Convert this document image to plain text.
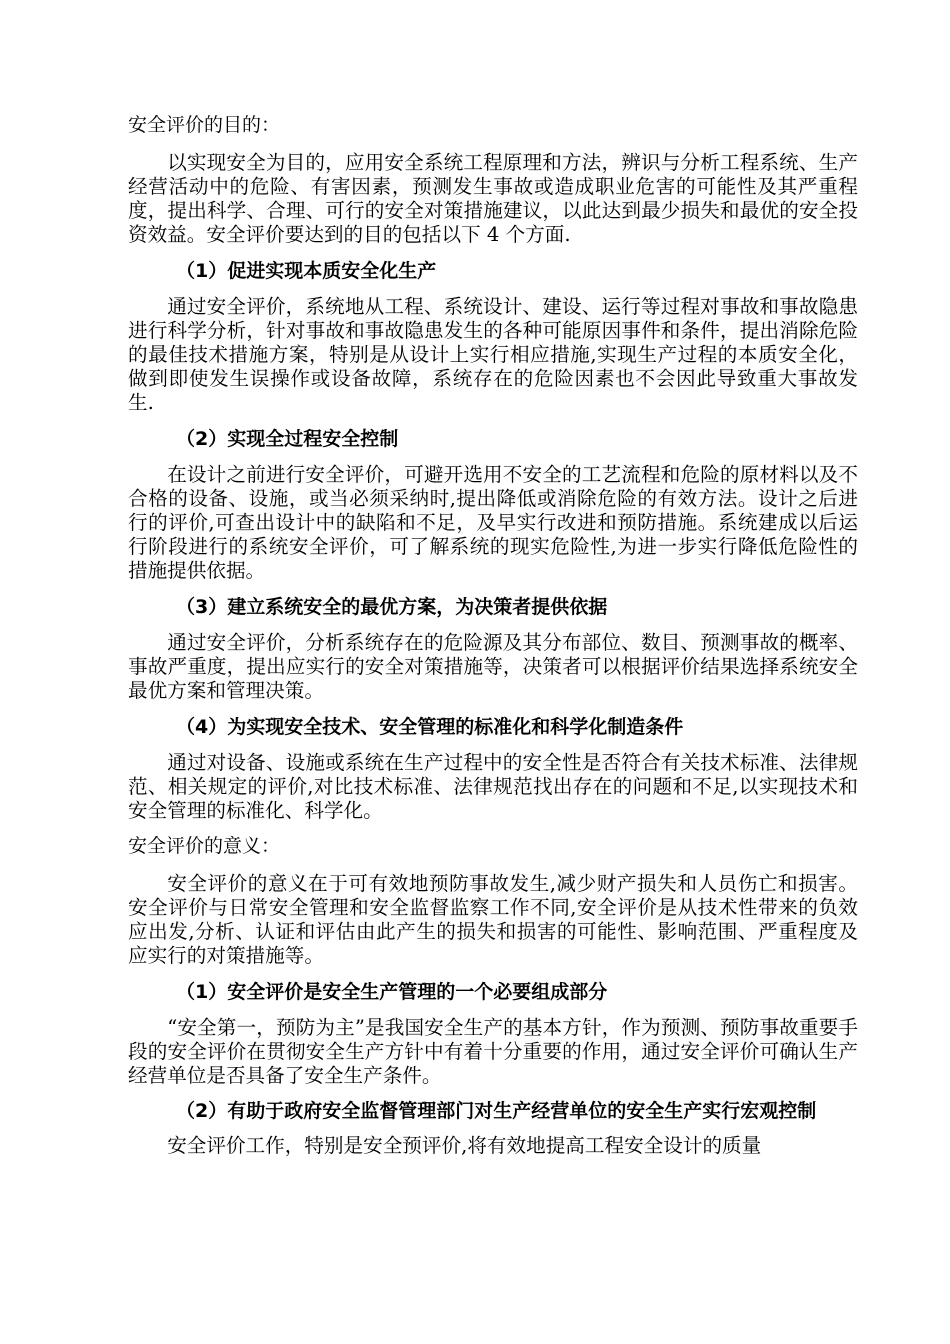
安全评价的目的：

以实现安全为目的，应用安全系统工程原理和方法，辨识与分析工程系统、生产经营活动中的危险、有害因素，预测发生事故或造成职业危害的可能性及其严重程度，提出科学、合理、可行的安全对策措施建议，以此达到最少损失和最优的安全投资效益。安全评价要达到的目的包括以下 4 个方面.

（1）促进实现本质安全化生产

通过安全评价，系统地从工程、系统设计、建设、运行等过程对事故和事故隐患进行科学分析，针对事故和事故隐患发生的各种可能原因事件和条件，提出消除危险的最佳技术措施方案，特别是从设计上实行相应措施,实现生产过程的本质安全化，做到即使发生误操作或设备故障，系统存在的危险因素也不会因此导致重大事故发生.

（2）实现全过程安全控制

在设计之前进行安全评价，可避开选用不安全的工艺流程和危险的原材料以及不合格的设备、设施，或当必须采纳时,提出降低或消除危险的有效方法。设计之后进行的评价,可查出设计中的缺陷和不足，及早实行改进和预防措施。系统建成以后运行阶段进行的系统安全评价，可了解系统的现实危险性,为进一步实行降低危险性的措施提供依据。

（3）建立系统安全的最优方案，为决策者提供依据

通过安全评价，分析系统存在的危险源及其分布部位、数目、预测事故的概率、事故严重度，提出应实行的安全对策措施等，决策者可以根据评价结果选择系统安全最优方案和管理决策。

（4）为实现安全技术、安全管理的标准化和科学化制造条件

通过对设备、设施或系统在生产过程中的安全性是否符合有关技术标准、法律规范、相关规定的评价,对比技术标准、法律规范找出存在的问题和不足,以实现技术和安全管理的标准化、科学化。

安全评价的意义：

安全评价的意义在于可有效地预防事故发生,减少财产损失和人员伤亡和损害。安全评价与日常安全管理和安全监督监察工作不同,安全评价是从技术性带来的负效应出发,分析、认证和评估由此产生的损失和损害的可能性、影响范围、严重程度及应实行的对策措施等。

（1）安全评价是安全生产管理的一个必要组成部分

“安全第一，预防为主”是我国安全生产的基本方针，作为预测、预防事故重要手段的安全评价在贯彻安全生产方针中有着十分重要的作用，通过安全评价可确认生产经营单位是否具备了安全生产条件。

（2）有助于政府安全监督管理部门对生产经营单位的安全生产实行宏观控制

安全评价工作，特别是安全预评价,将有效地提高工程安全设计的质量
